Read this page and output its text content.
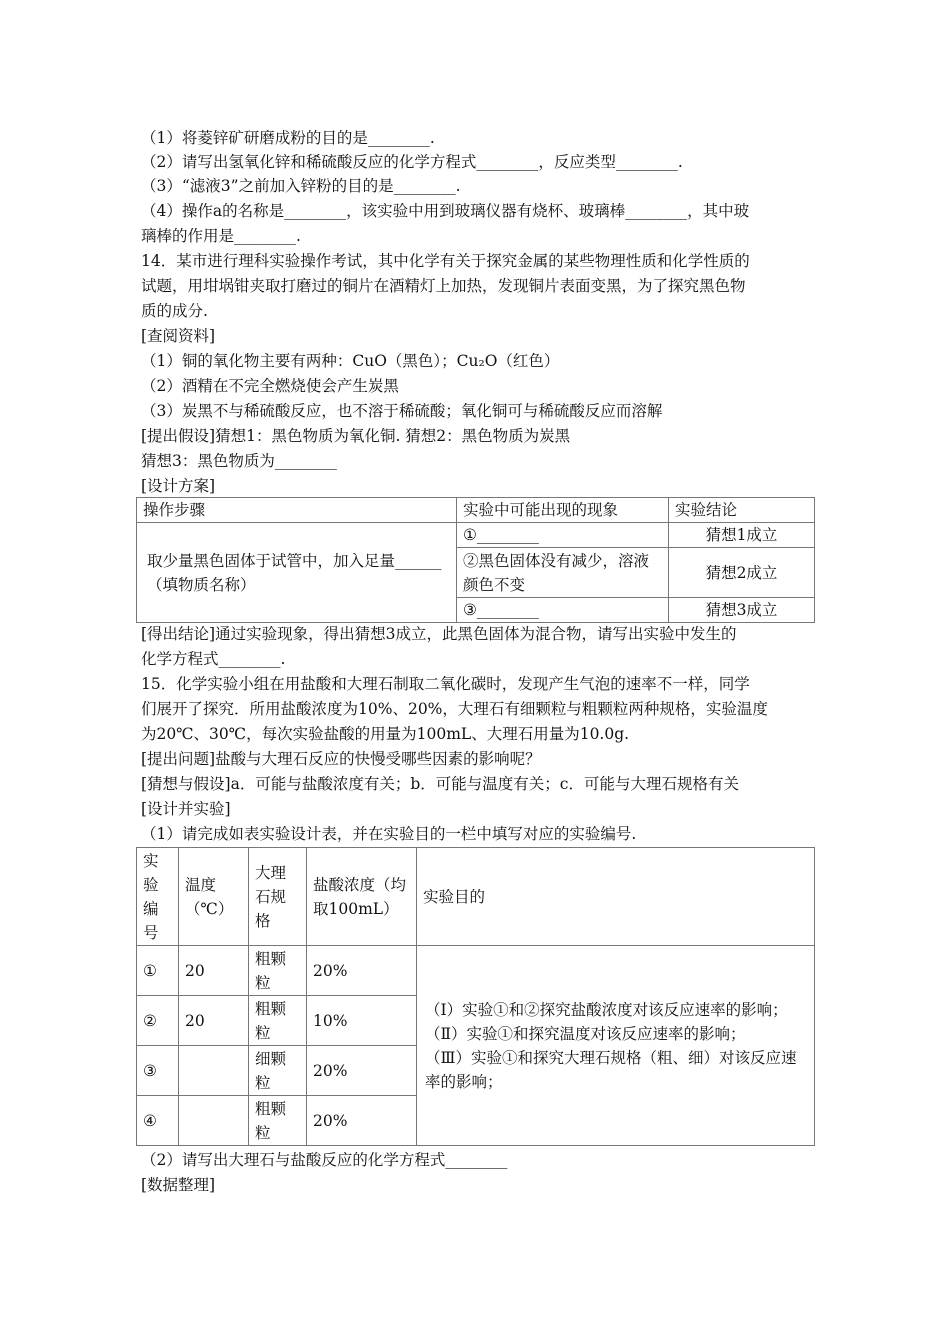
（1）将菱锌矿研磨成粉的目的是________.
（2）请写出氢氧化锌和稀硫酸反应的化学方程式________，反应类型________.
（3）“滤液3”之前加入锌粉的目的是________.
（4）操作a的名称是________，该实验中用到玻璃仪器有烧杯、玻璃棒________，其中玻
璃棒的作用是________.
14．某市进行理科实验操作考试，其中化学有关于探究金属的某些物理性质和化学性质的
试题，用坩埚钳夹取打磨过的铜片在酒精灯上加热，发现铜片表面变黑，为了探究黑色物
质的成分.
[查阅资料]
（1）铜的氧化物主要有两种：CuO（黑色）；Cu₂O（红色）
（2）酒精在不完全燃烧使会产生炭黑
（3）炭黑不与稀硫酸反应，也不溶于稀硫酸；氧化铜可与稀硫酸反应而溶解
[提出假设]猜想1：黑色物质为氧化铜. 猜想2：黑色物质为炭黑
猜想3：黑色物质为________
[设计方案]
操作步骤	实验中可能出现的现象	实验结论
取少量黑色固体于试管中，加入足量______（填物质名称）	①________	猜想1成立
	②黑色固体没有减少，溶液颜色不变	猜想2成立
	③________	猜想3成立
[得出结论]通过实验现象，得出猜想3成立，此黑色固体为混合物，请写出实验中发生的
化学方程式________.
15．化学实验小组在用盐酸和大理石制取二氧化碳时，发现产生气泡的速率不一样，同学
们展开了探究．所用盐酸浓度为10%、20%，大理石有细颗粒与粗颗粒两种规格，实验温度
为20℃、30℃，每次实验盐酸的用量为100mL、大理石用量为10.0g.
[提出问题]盐酸与大理石反应的快慢受哪些因素的影响呢？
[猜想与假设]a．可能与盐酸浓度有关；b．可能与温度有关；c．可能与大理石规格有关
[设计并实验]
（1）请完成如表实验设计表，并在实验目的一栏中填写对应的实验编号.
实验编号	温度（℃）	大理石规格	盐酸浓度（均取100mL）	实验目的
①	20	粗颗粒	20%	（Ⅰ）实验①和②探究盐酸浓度对该反应速率的影响；
（Ⅱ）实验①和探究温度对该反应速率的影响；
（Ⅲ）实验①和探究大理石规格（粗、细）对该反应速率的影响；

②	20	粗颗粒	10%	
③		细颗粒	20%	
④		粗颗粒	20%	
（2）请写出大理石与盐酸反应的化学方程式________
[数据整理]
